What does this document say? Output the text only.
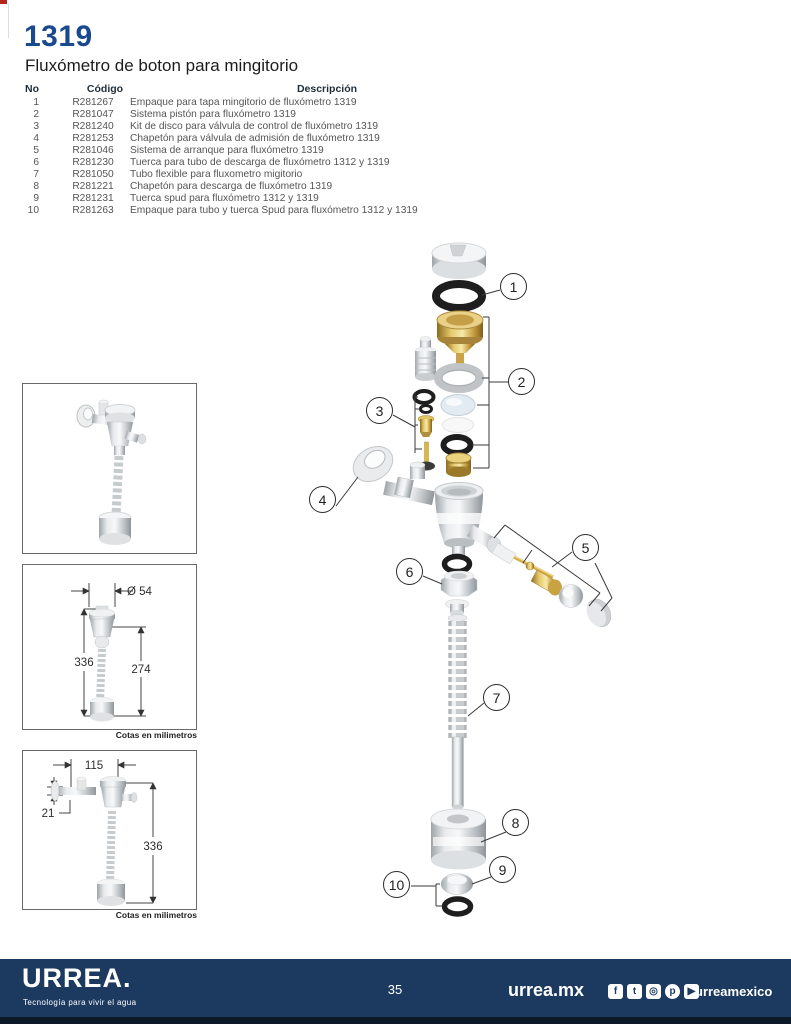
1319
Fluxómetro de boton para mingitorio
No	Código	Descripción
1	R281267	Empaque para tapa mingitorio de fluxómetro 1319
2	R281047	Sistema pistón para fluxómetro 1319
3	R281240	Kit de disco para válvula de control de fluxómetro 1319
4	R281253	Chapetón para válvula de admisión de fluxómetro 1319
5	R281046	Sistema de arranque para fluxómetro 1319
6	R281230	Tuerca para tubo de descarga de fluxómetro 1312 y 1319
7	R281050	Tubo flexible para fluxometro migitorio
8	R281221	Chapetón para descarga de fluxómetro 1319
9	R281231	Tuerca spud para fluxómetro 1312 y 1319
10	R281263	Empaque para tubo y tuerca Spud para fluxómetro 1312 y 1319
Ø 54
336
274
Cotas en milimetros
115
21
336
Cotas en milimetros
1
2
3
4
5
6
7
8
9
10
URREA.
Tecnología para vivir el agua
35	urrea.mx	f	t	◎	p	▶ urreamexico
